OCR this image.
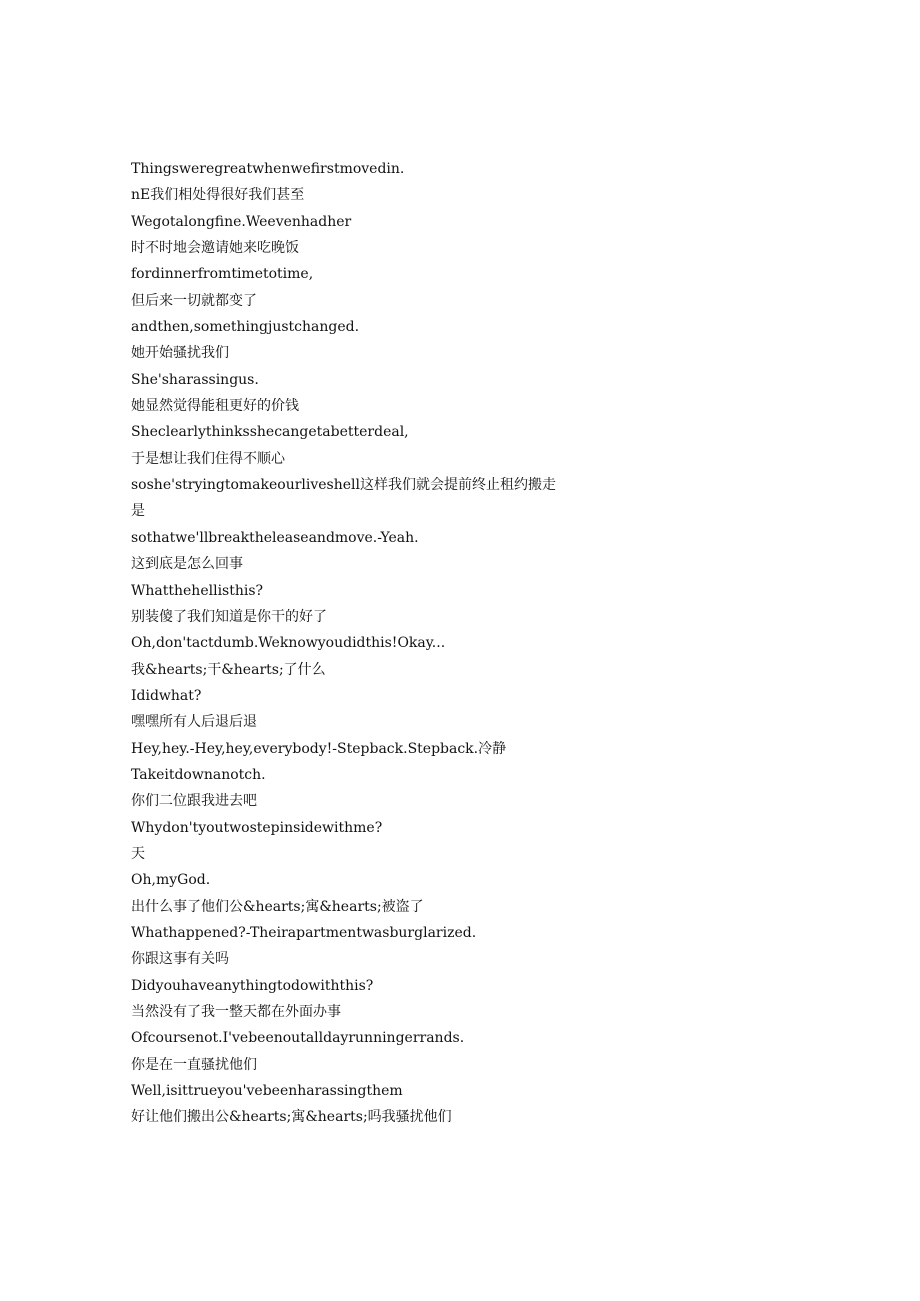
Thingsweregreatwhenwefirstmovedin.
nE我们相处得很好我们甚至
Wegotalongfine.Weevenhadher
时不时地会邀请她来吃晚饭
fordinnerfromtimetotime,
但后来一切就都变了
andthen,somethingjustchanged.
她开始骚扰我们
She'sharassingus.
她显然觉得能租更好的价钱
Sheclearlythinksshecangetabetterdeal,
于是想让我们住得不顺心
soshe'stryingtomakeourliveshell这样我们就会提前终止租约搬走
是
sothatwe'llbreaktheleaseandmove.-Yeah.
这到底是怎么回事
Whatthehellisthis?
别装傻了我们知道是你干的好了
Oh,don'tactdumb.Weknowyoudidthis!Okay...
我&hearts;干&hearts;了什么
Ididwhat?
嘿嘿所有人后退后退
Hey,hey.-Hey,hey,everybody!-Stepback.Stepback.冷静
Takeitdownanotch.
你们二位跟我进去吧
Whydon'tyoutwostepinsidewithme?
天
Oh,myGod.
出什么事了他们公&hearts;寓&hearts;被盗了
Whathappened?-Theirapartmentwasburglarized.
你跟这事有关吗
Didyouhaveanythingtodowiththis?
当然没有了我一整天都在外面办事
Ofcoursenot.I'vebeenoutalldayrunningerrands.
你是在一直骚扰他们
Well,isittrueyou'vebeenharassingthem
好让他们搬出公&hearts;寓&hearts;吗我骚扰他们
